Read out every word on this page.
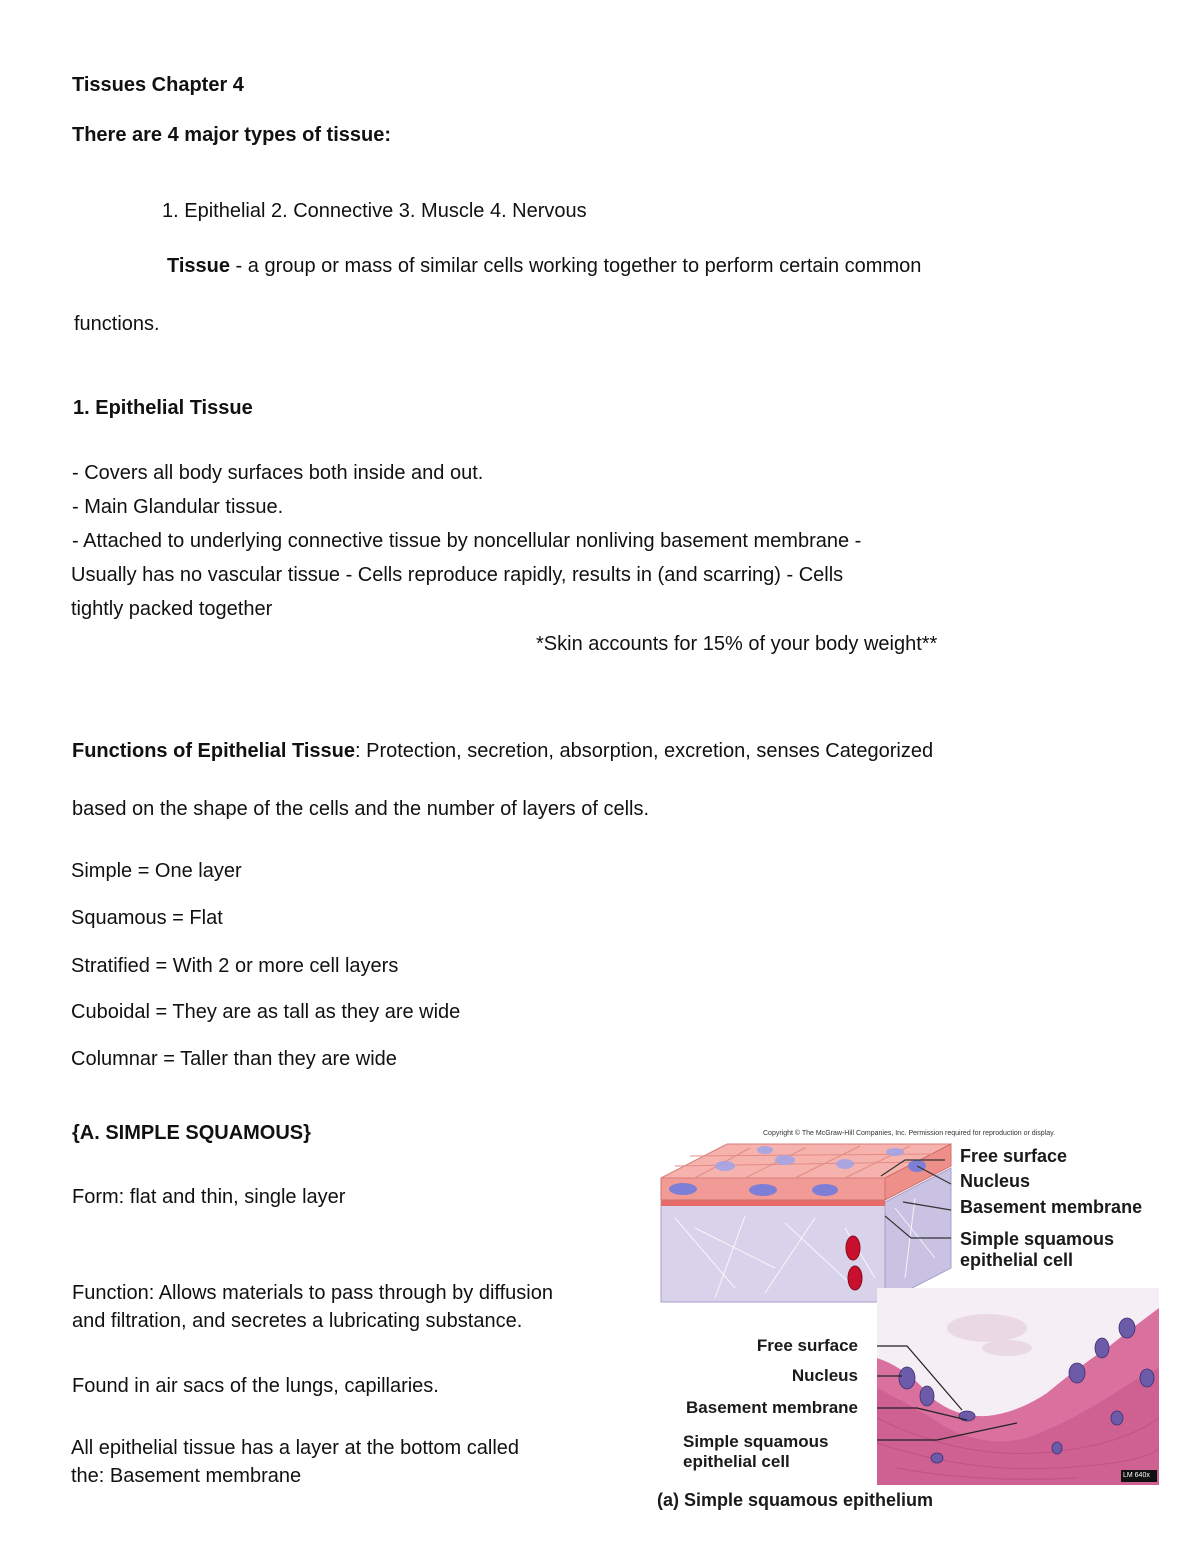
Tissues Chapter 4
There are 4 major types of tissue:
1. Epithelial 2. Connective 3. Muscle 4. Nervous
Tissue - a group or mass of similar cells working together to perform certain common
functions.
1. Epithelial Tissue
- Covers all body surfaces both inside and out.
- Main Glandular tissue.
- Attached to underlying connective tissue by noncellular nonliving basement membrane -
Usually has no vascular tissue - Cells reproduce rapidly, results in (and scarring) - Cells
tightly packed together
*Skin accounts for 15% of your body weight**
Functions of Epithelial Tissue: Protection, secretion, absorption, excretion, senses Categorized
based on the shape of the cells and the number of layers of cells.
Simple = One layer
Squamous = Flat
Stratified = With 2 or more cell layers
Cuboidal = They are as tall as they are wide
Columnar = Taller than they are wide
{A. SIMPLE SQUAMOUS}
Form: flat and thin, single layer
Function: Allows materials to pass through by diffusion
and filtration, and secretes a lubricating substance.
Found in air sacs of the lungs, capillaries.
All epithelial tissue has a layer at the bottom called
the: Basement membrane
Copyright © The McGraw-Hill Companies, Inc. Permission required for reproduction or display.
Free surface
Nucleus
Basement membrane
Simple squamous
epithelial cell
LM 640x
Free surface
Nucleus
Basement membrane
Simple squamous
epithelial cell
(a) Simple squamous epithelium
